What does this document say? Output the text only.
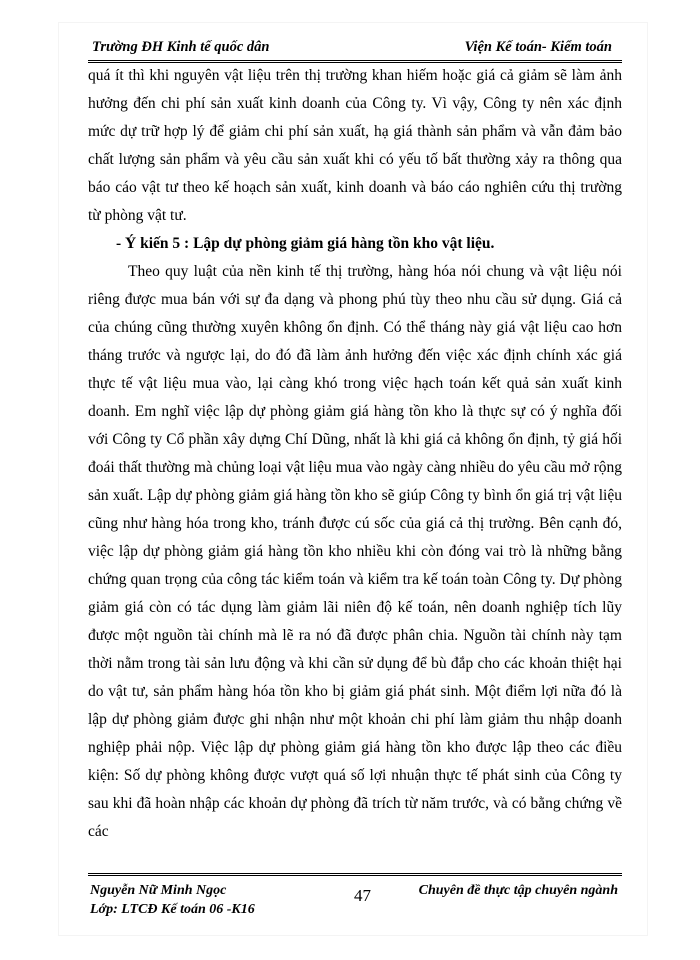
Trường ĐH Kinh tế quốc dân	Viện Kế toán- Kiểm toán

quá ít thì khi nguyên vật liệu trên thị trường khan hiếm hoặc giá cả giảm sẽ làm ảnh hưởng đến chi phí sản xuất kinh doanh của Công ty. Vì vậy, Công ty nên xác định mức dự trữ hợp lý để giảm chi phí sản xuất, hạ giá thành sản phẩm và vẫn đảm bảo chất lượng sản phẩm và yêu cầu sản xuất khi có yếu tố bất thường xảy ra thông qua báo cáo vật tư theo kế hoạch sản xuất, kinh doanh và báo cáo nghiên cứu thị trường từ phòng vật tư.

- Ý kiến 5 : Lập dự phòng giảm giá hàng tồn kho vật liệu.

Theo quy luật của nền kinh tế thị trường, hàng hóa nói chung và vật liệu nói riêng được mua bán với sự đa dạng và phong phú tùy theo nhu cầu sử dụng. Giá cả của chúng cũng thường xuyên không ổn định. Có thể tháng này giá vật liệu cao hơn tháng trước và ngược lại, do đó đã làm ảnh hưởng đến việc xác định chính xác giá thực tế vật liệu mua vào, lại càng khó trong việc hạch toán kết quả sản xuất kinh doanh. Em nghĩ việc lập dự phòng giảm giá hàng tồn kho là thực sự có ý nghĩa đối với Công ty Cổ phần xây dựng Chí Dũng, nhất là khi giá cả không ổn định, tỷ giá hối đoái thất thường mà chủng loại vật liệu mua vào ngày càng nhiều do yêu cầu mở rộng sản xuất. Lập dự phòng giảm giá hàng tồn kho sẽ giúp Công ty bình ổn giá trị vật liệu cũng như hàng hóa trong kho, tránh được cú sốc của giá cả thị trường. Bên cạnh đó, việc lập dự phòng giảm giá hàng tồn kho nhiều khi còn đóng vai trò là những bằng chứng quan trọng của công tác kiểm toán và kiểm tra kế toán toàn Công ty. Dự phòng giảm giá còn có tác dụng làm giảm lãi niên độ kế toán, nên doanh nghiệp tích lũy được một nguồn tài chính mà lẽ ra nó đã được phân chia. Nguồn tài chính này tạm thời nằm trong tài sản lưu động và khi cần sử dụng để bù đắp cho các khoản thiệt hại do vật tư, sản phẩm hàng hóa tồn kho bị giảm giá phát sinh. Một điểm lợi nữa đó là lập dự phòng giảm được ghi nhận như một khoản chi phí làm giảm thu nhập doanh nghiệp phải nộp. Việc lập dự phòng giảm giá hàng tồn kho được lập theo các điều kiện: Số dự phòng không được vượt quá số lợi nhuận thực tế phát sinh của Công ty sau khi đã hoàn nhập các khoản dự phòng đã trích từ năm trước, và có bằng chứng về các

Nguyễn Nữ Minh Ngọc
Lớp: LTCĐ Kế toán 06 -K16
47	Chuyên đề thực tập chuyên ngành
